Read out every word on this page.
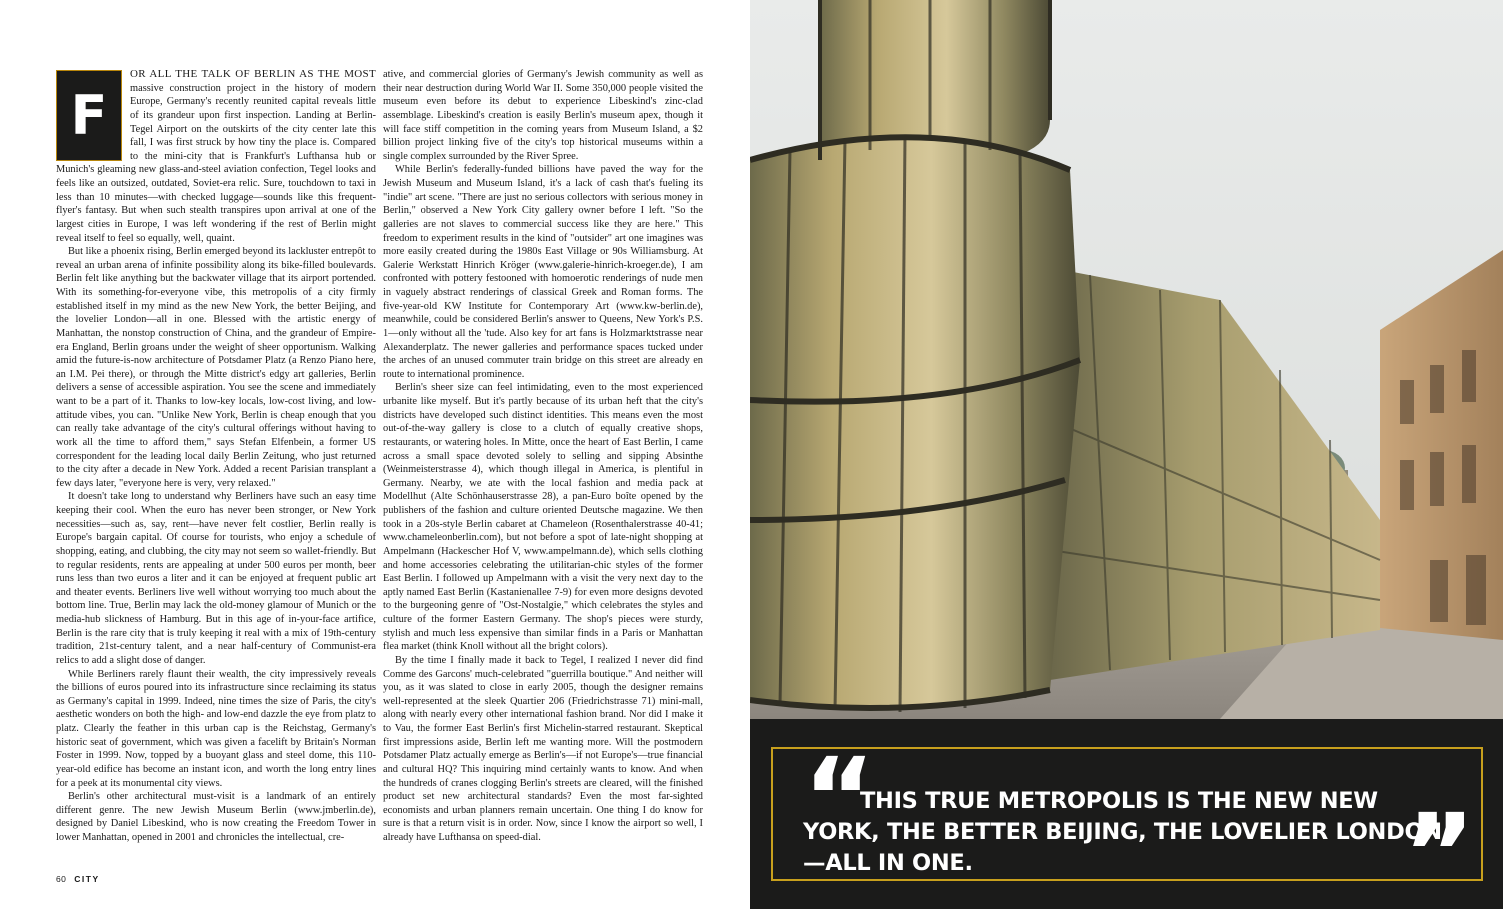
F
OR ALL THE TALK OF BERLIN AS THE MOST massive construction project in the history of modern Europe, Germany's recently reunited capital reveals little of its grandeur upon first inspection. Landing at Berlin-Tegel Airport on the outskirts of the city center late this fall, I was first struck by how tiny the place is. Compared to the mini-city that is Frankfurt's Lufthansa hub or Munich's gleaming new glass-and-steel aviation confection, Tegel looks and feels like an outsized, outdated, Soviet-era relic. Sure, touchdown to taxi in less than 10 minutes—with checked luggage—sounds like this frequent-flyer's fantasy. But when such stealth transpires upon arrival at one of the largest cities in Europe, I was left wondering if the rest of Berlin might reveal itself to feel so equally, well, quaint.

But like a phoenix rising, Berlin emerged beyond its lackluster entrepôt to reveal an urban arena of infinite possibility along its bike-filled boulevards. Berlin felt like anything but the backwater village that its airport portended. With its something-for-everyone vibe, this metropolis of a city firmly established itself in my mind as the new New York, the better Beijing, and the lovelier London—all in one. Blessed with the artistic energy of Manhattan, the nonstop construction of China, and the grandeur of Empire-era England, Berlin groans under the weight of sheer opportunism. Walking amid the future-is-now architecture of Potsdamer Platz (a Renzo Piano here, an I.M. Pei there), or through the Mitte district's edgy art galleries, Berlin delivers a sense of accessible aspiration. You see the scene and immediately want to be a part of it. Thanks to low-key locals, low-cost living, and low-attitude vibes, you can. "Unlike New York, Berlin is cheap enough that you can really take advantage of the city's cultural offerings without having to work all the time to afford them," says Stefan Elfenbein, a former US correspondent for the leading local daily Berlin Zeitung, who just returned to the city after a decade in New York. Added a recent Parisian transplant a few days later, "everyone here is very, very relaxed."

It doesn't take long to understand why Berliners have such an easy time keeping their cool. When the euro has never been stronger, or New York necessities—such as, say, rent—have never felt costlier, Berlin really is Europe's bargain capital. Of course for tourists, who enjoy a schedule of shopping, eating, and clubbing, the city may not seem so wallet-friendly. But to regular residents, rents are appealing at under 500 euros per month, beer runs less than two euros a liter and it can be enjoyed at frequent public art and theater events. Berliners live well without worrying too much about the bottom line. True, Berlin may lack the old-money glamour of Munich or the media-hub slickness of Hamburg. But in this age of in-your-face artifice, Berlin is the rare city that is truly keeping it real with a mix of 19th-century tradition, 21st-century talent, and a near half-century of Communist-era relics to add a slight dose of danger.

While Berliners rarely flaunt their wealth, the city impressively reveals the billions of euros poured into its infrastructure since reclaiming its status as Germany's capital in 1999. Indeed, nine times the size of Paris, the city's aesthetic wonders on both the high- and low-end dazzle the eye from platz to platz. Clearly the feather in this urban cap is the Reichstag, Germany's historic seat of government, which was given a facelift by Britain's Norman Foster in 1999. Now, topped by a buoyant glass and steel dome, this 110-year-old edifice has become an instant icon, and worth the long entry lines for a peek at its monumental city views.

Berlin's other architectural must-visit is a landmark of an entirely different genre. The new Jewish Museum Berlin (www.jmberlin.de), designed by Daniel Libeskind, who is now creating the Freedom Tower in lower Manhattan, opened in 2001 and chronicles the intellectual, cre-

ative, and commercial glories of Germany's Jewish community as well as their near destruction during World War II. Some 350,000 people visited the museum even before its debut to experience Libeskind's zinc-clad assemblage. Libeskind's creation is easily Berlin's museum apex, though it will face stiff competition in the coming years from Museum Island, a $2 billion project linking five of the city's top historical museums within a single complex surrounded by the River Spree.

While Berlin's federally-funded billions have paved the way for the Jewish Museum and Museum Island, it's a lack of cash that's fueling its "indie" art scene. "There are just no serious collectors with serious money in Berlin," observed a New York City gallery owner before I left. "So the galleries are not slaves to commercial success like they are here." This freedom to experiment results in the kind of "outsider" art one imagines was more easily created during the 1980s East Village or 90s Williamsburg. At Galerie Werkstatt Hinrich Kröger (www.galerie-hinrich-kroeger.de), I am confronted with pottery festooned with homoerotic renderings of nude men in vaguely abstract renderings of classical Greek and Roman forms. The five-year-old KW Institute for Contemporary Art (www.kw-berlin.de), meanwhile, could be considered Berlin's answer to Queens, New York's P.S. 1—only without all the 'tude. Also key for art fans is Holzmarktstrasse near Alexanderplatz. The newer galleries and performance spaces tucked under the arches of an unused commuter train bridge on this street are already en route to international prominence.

Berlin's sheer size can feel intimidating, even to the most experienced urbanite like myself. But it's partly because of its urban heft that the city's districts have developed such distinct identities. This means even the most out-of-the-way gallery is close to a clutch of equally creative shops, restaurants, or watering holes. In Mitte, once the heart of East Berlin, I came across a small space devoted solely to selling and sipping Absinthe (Weinmeisterstrasse 4), which though illegal in America, is plentiful in Germany. Nearby, we ate with the local fashion and media pack at Modellhut (Alte Schönhauserstrasse 28), a pan-Euro boîte opened by the publishers of the fashion and culture oriented Deutsche magazine. We then took in a 20s-style Berlin cabaret at Chameleon (Rosenthalerstrasse 40-41; www.chameleonberlin.com), but not before a spot of late-night shopping at Ampelmann (Hackescher Hof V, www.ampelmann.de), which sells clothing and home accessories celebrating the utilitarian-chic styles of the former East Berlin. I followed up Ampelmann with a visit the very next day to the aptly named East Berlin (Kastanienallee 7-9) for even more designs devoted to the burgeoning genre of "Ost-Nostalgie," which celebrates the styles and culture of the former Eastern Germany. The shop's pieces were sturdy, stylish and much less expensive than similar finds in a Paris or Manhattan flea market (think Knoll without all the bright colors).

By the time I finally made it back to Tegel, I realized I never did find Comme des Garcons' much-celebrated "guerrilla boutique." And neither will you, as it was slated to close in early 2005, though the designer remains well-represented at the sleek Quartier 206 (Friedrichstrasse 71) mini-mall, along with nearly every other international fashion brand. Nor did I make it to Vau, the former East Berlin's first Michelin-starred restaurant. Skeptical first impressions aside, Berlin left me wanting more. Will the postmodern Potsdamer Platz actually emerge as Berlin's—if not Europe's—true financial and cultural HQ? This inquiring mind certainly wants to know. And when the hundreds of cranes clogging Berlin's streets are cleared, will the finished product set new architectural standards? Even the most far-sighted economists and urban planners remain uncertain. One thing I do know for sure is that a return visit is in order. Now, since I know the airport so well, I already have Lufthansa on speed-dial.

60 CITY
“
THIS TRUE METROPOLIS IS THE NEW NEW YORK, THE BETTER BEIJING, THE LOVELIER LONDON—ALL IN ONE.	”
